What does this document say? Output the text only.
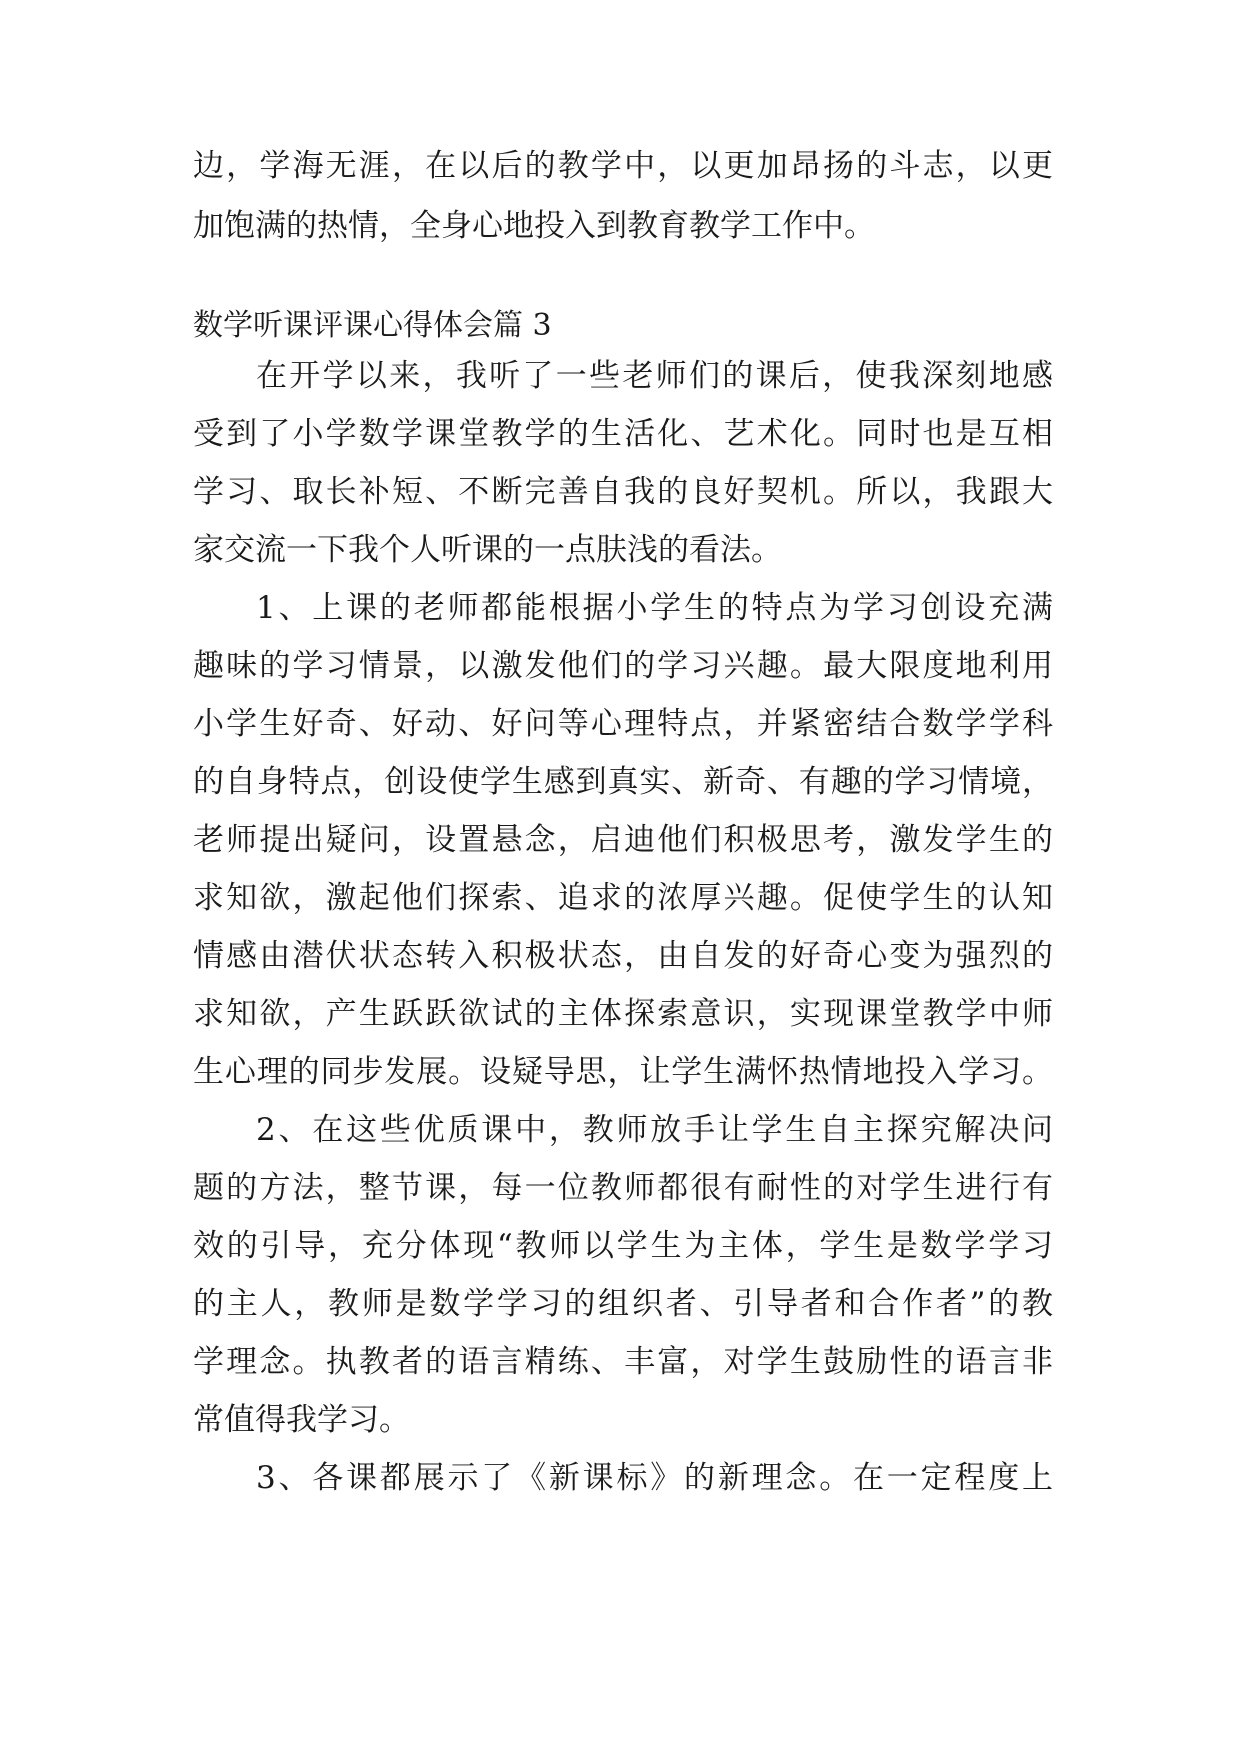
边，学海无涯，在以后的教学中，以更加昂扬的斗志，以更
加饱满的热情，全身心地投入到教育教学工作中。
数学听课评课心得体会篇 3
在开学以来，我听了一些老师们的课后，使我深刻地感
受到了小学数学课堂教学的生活化、艺术化。同时也是互相
学习、取长补短、不断完善自我的良好契机。所以，我跟大
家交流一下我个人听课的一点肤浅的看法。
1、上课的老师都能根据小学生的特点为学习创设充满
趣味的学习情景，以激发他们的学习兴趣。最大限度地利用
小学生好奇、好动、好问等心理特点，并紧密结合数学学科
的自身特点，创设使学生感到真实、新奇、有趣的学习情境，
老师提出疑问，设置悬念，启迪他们积极思考，激发学生的
求知欲，激起他们探索、追求的浓厚兴趣。促使学生的认知
情感由潜伏状态转入积极状态，由自发的好奇心变为强烈的
求知欲，产生跃跃欲试的主体探索意识，实现课堂教学中师
生心理的同步发展。设疑导思，让学生满怀热情地投入学习。
2、在这些优质课中，教师放手让学生自主探究解决问
题的方法，整节课，每一位教师都很有耐性的对学生进行有
效的引导，充分体现“教师以学生为主体，学生是数学学习
的主人，教师是数学学习的组织者、引导者和合作者”的教
学理念。执教者的语言精练、丰富，对学生鼓励性的语言非
常值得我学习。
3、各课都展示了《新课标》的新理念。在一定程度上
